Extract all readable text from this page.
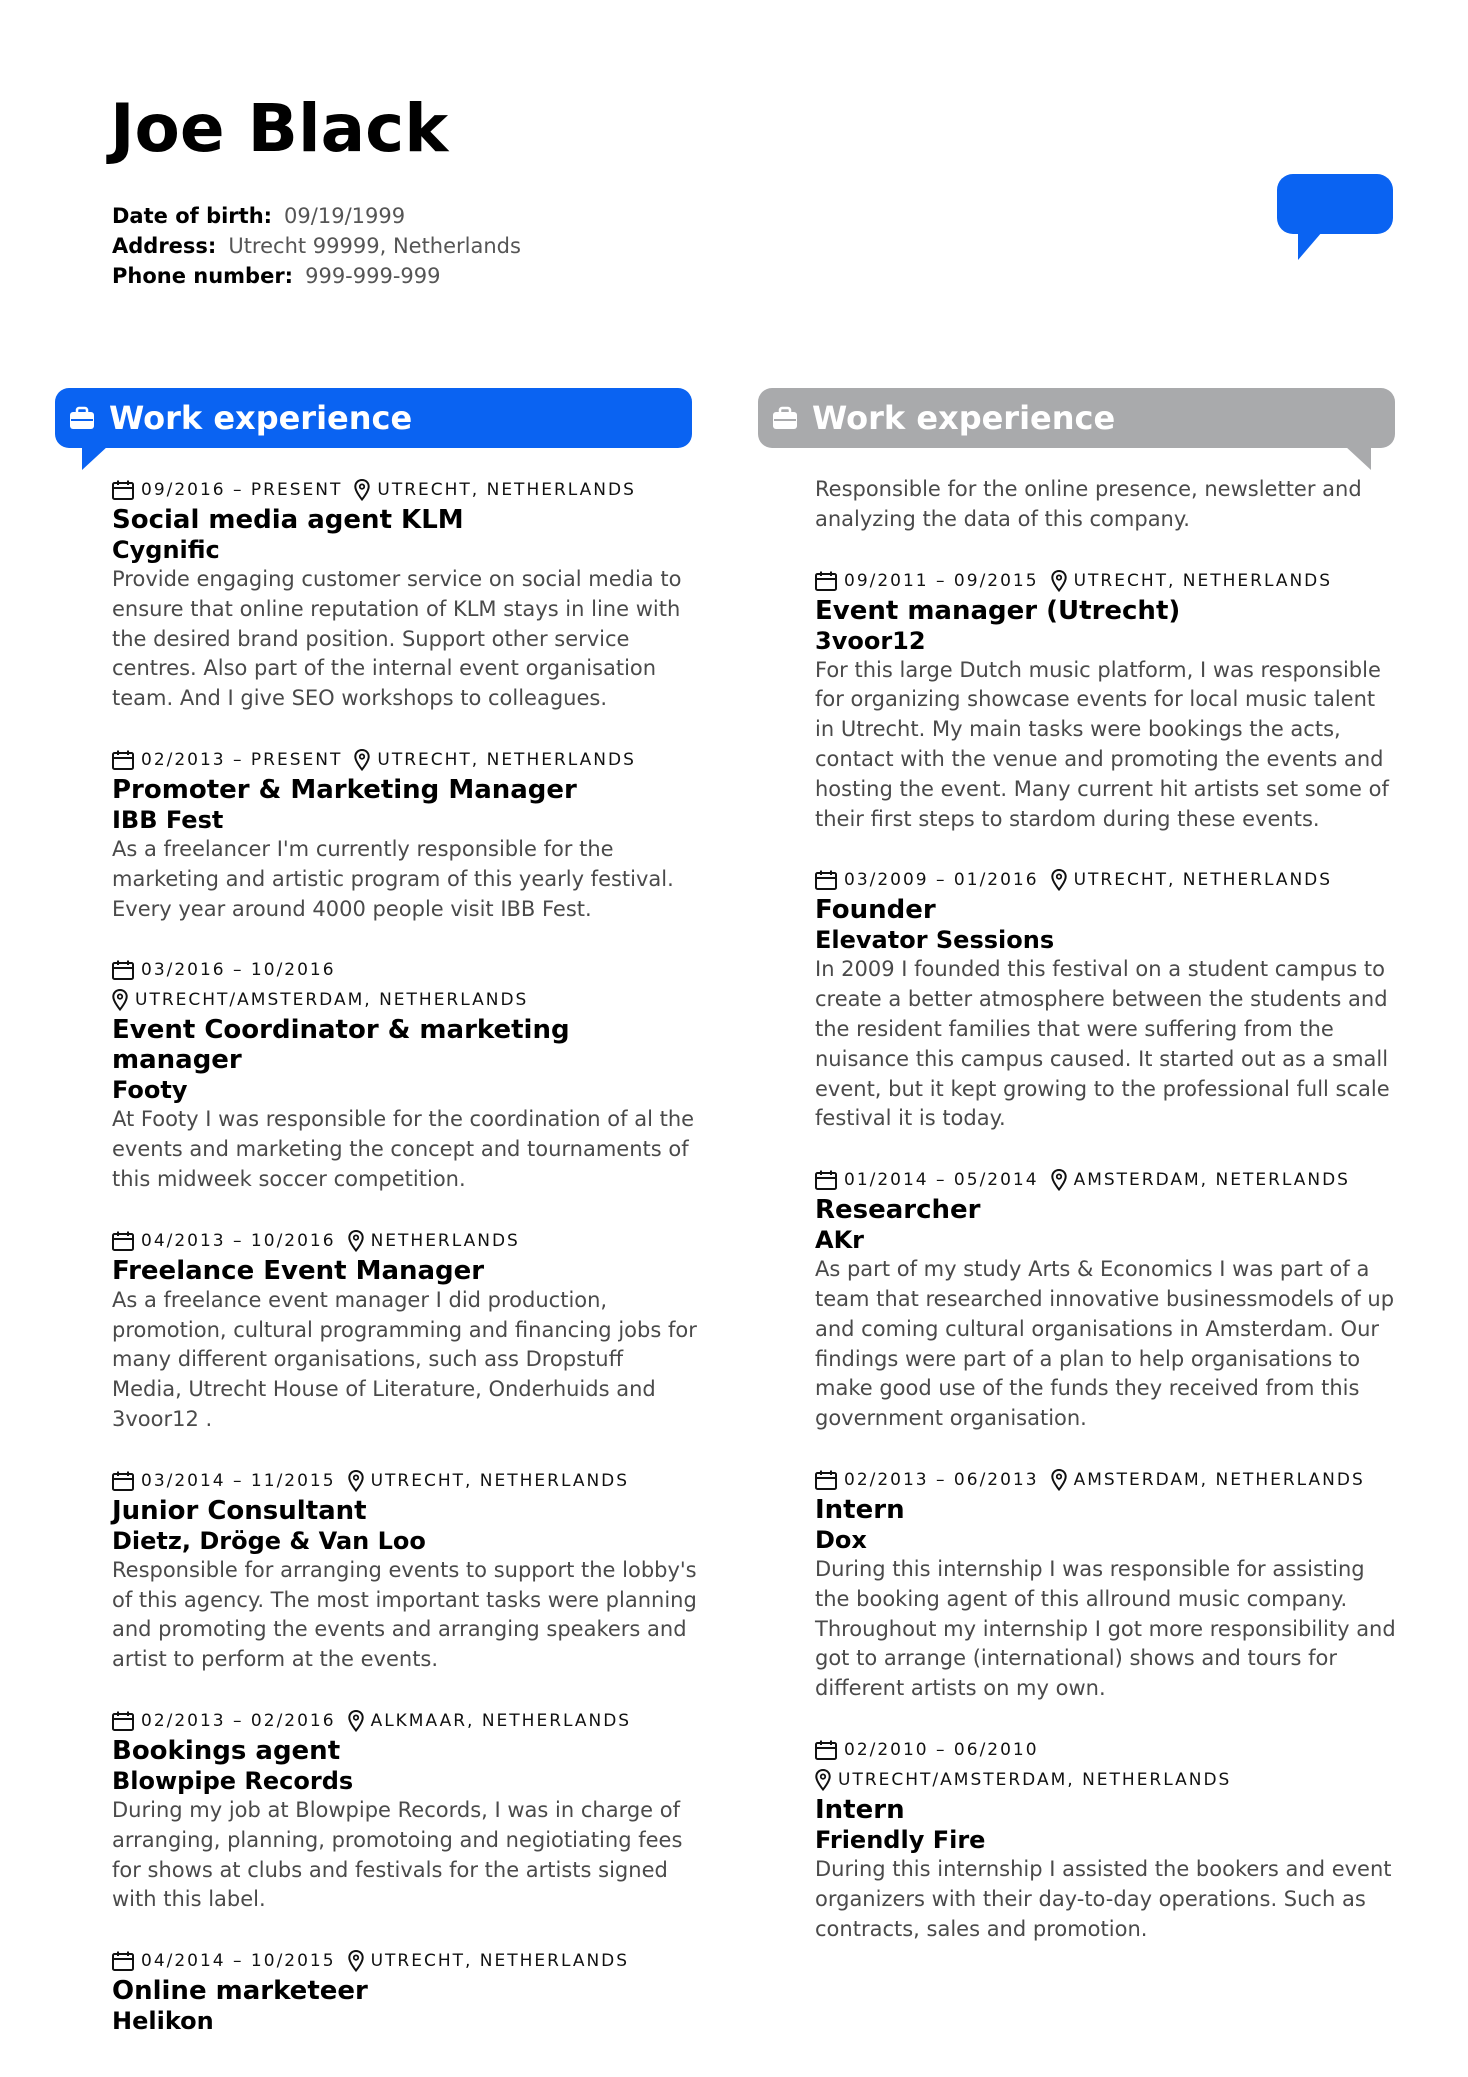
Joe Black
Date of birth: 09/19/1999
Address: Utrecht 99999, Netherlands
Phone number: 999-999-999
Work experience	Work experience
09/2016 – PRESENT UTRECHT, NETHERLANDS
Social media agent KLM
Cygnific
Provide engaging customer service on social media to ensure that online reputation of KLM stays in line with the desired brand position. Support other service centres. Also part of the internal event organisation team. And I give SEO workshops to colleagues.
02/2013 – PRESENT UTRECHT, NETHERLANDS
Promoter & Marketing Manager
IBB Fest
As a freelancer I'm currently responsible for the marketing and artistic program of this yearly festival. Every year around 4000 people visit IBB Fest.
03/2016 – 10/2016
UTRECHT/AMSTERDAM, NETHERLANDS
Event Coordinator & marketing manager
Footy
At Footy I was responsible for the coordination of al the events and marketing the concept and tournaments of this midweek soccer competition.
04/2013 – 10/2016 NETHERLANDS
Freelance Event Manager
As a freelance event manager I did production, promotion, cultural programming and financing jobs for many different organisations, such ass Dropstuff Media, Utrecht House of Literature, Onderhuids and 3voor12 .
03/2014 – 11/2015 UTRECHT, NETHERLANDS
Junior Consultant
Dietz, Dröge & Van Loo
Responsible for arranging events to support the lobby's of this agency. The most important tasks were planning and promoting the events and arranging speakers and artist to perform at the events.
02/2013 – 02/2016 ALKMAAR, NETHERLANDS
Bookings agent
Blowpipe Records
During my job at Blowpipe Records, I was in charge of arranging, planning, promotoing and negiotiating fees for shows at clubs and festivals for the artists signed with this label.
04/2014 – 10/2015 UTRECHT, NETHERLANDS
Online marketeer
Helikon
Responsible for the online presence, newsletter and analyzing the data of this company.
09/2011 – 09/2015 UTRECHT, NETHERLANDS
Event manager (Utrecht)
3voor12
For this large Dutch music platform, I was responsible for organizing showcase events for local music talent in Utrecht. My main tasks were bookings the acts, contact with the venue and promoting the events and hosting the event. Many current hit artists set some of their first steps to stardom during these events.
03/2009 – 01/2016 UTRECHT, NETHERLANDS
Founder
Elevator Sessions
In 2009 I founded this festival on a student campus to create a better atmosphere between the students and the resident families that were suffering from the nuisance this campus caused. It started out as a small event, but it kept growing to the professional full scale festival it is today.
01/2014 – 05/2014 AMSTERDAM, NETERLANDS
Researcher
AKr
As part of my study Arts & Economics I was part of a team that researched innovative businessmodels of up and coming cultural organisations in Amsterdam. Our findings were part of a plan to help organisations to make good use of the funds they received from this government organisation.
02/2013 – 06/2013 AMSTERDAM, NETHERLANDS
Intern
Dox
During this internship I was responsible for assisting the booking agent of this allround music company. Throughout my internship I got more responsibility and got to arrange (international) shows and tours for different artists on my own.
02/2010 – 06/2010
UTRECHT/AMSTERDAM, NETHERLANDS
Intern
Friendly Fire
During this internship I assisted the bookers and event organizers with their day-to-day operations. Such as contracts, sales and promotion.
